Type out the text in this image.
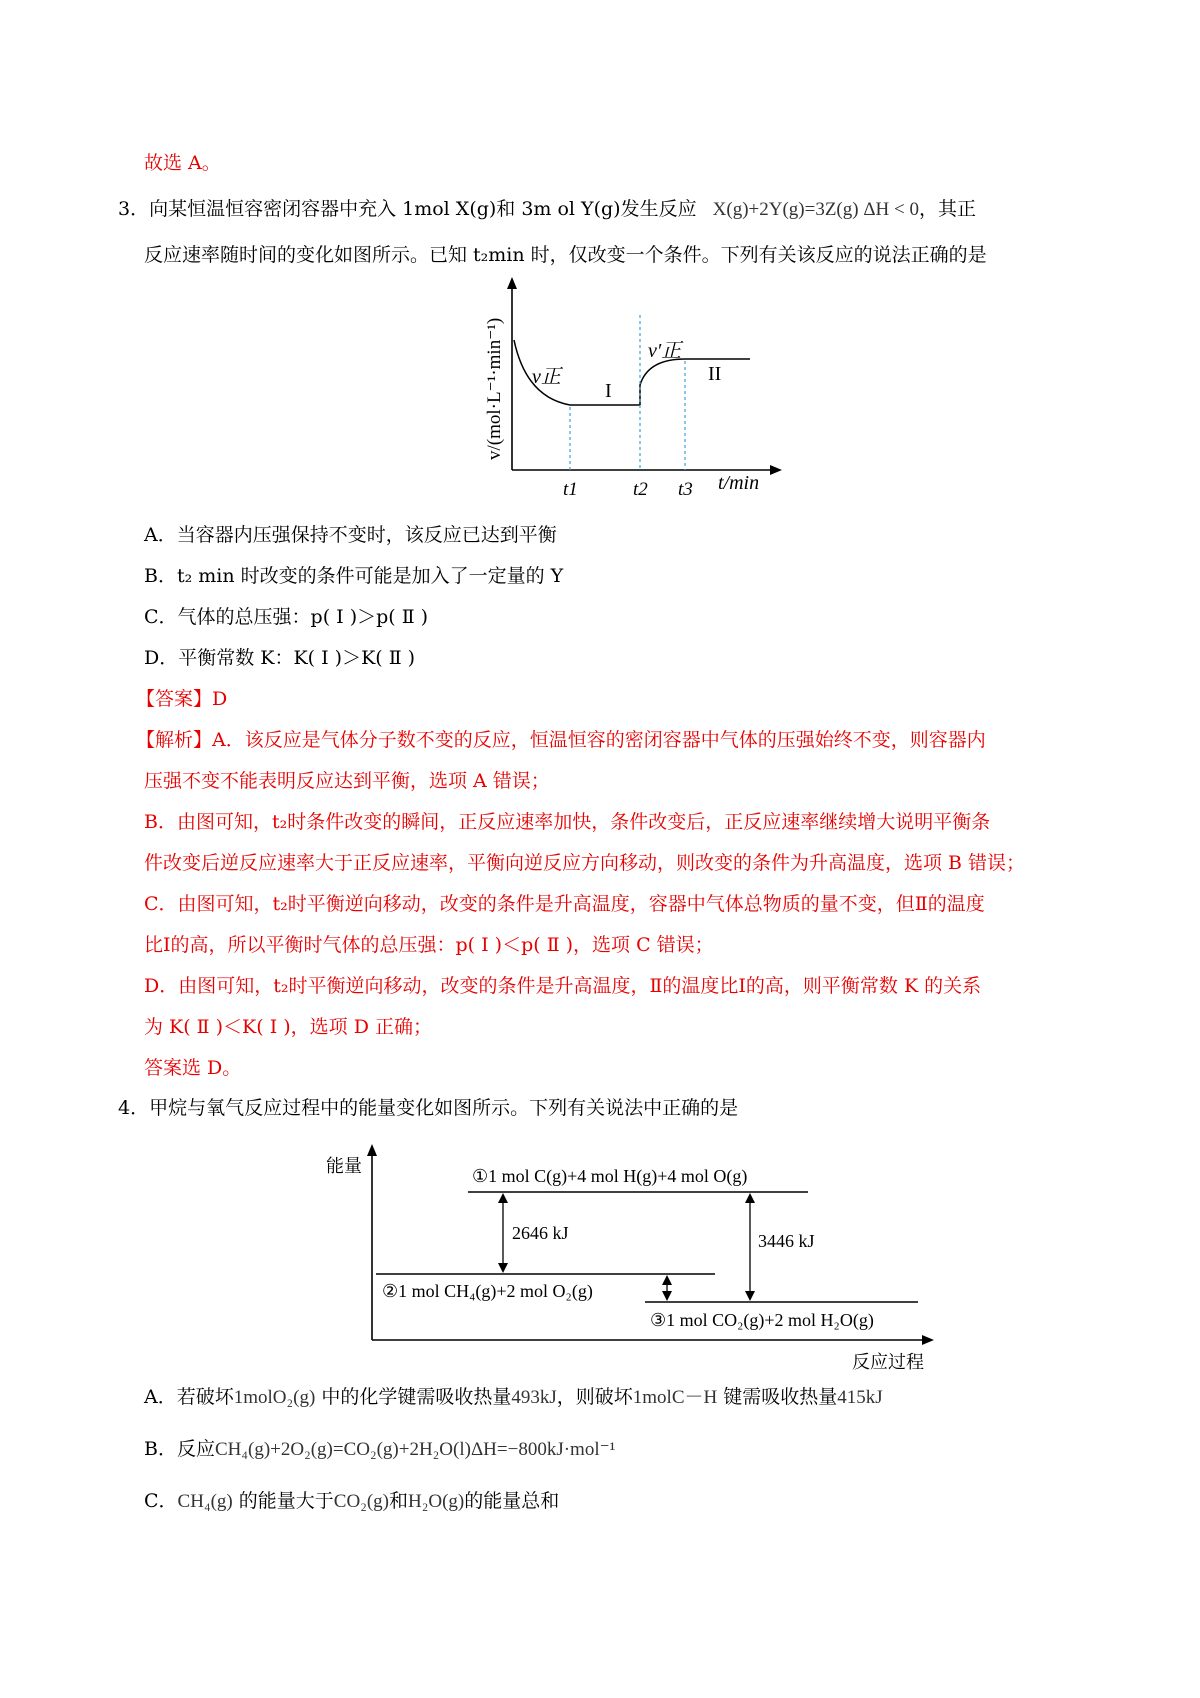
故选 A。
3．向某恒温恒容密闭容器中充入 1mol X(g)和 3m ol Y(g)发生反应 X(g)+2Y(g)=3Z(g) ΔH < 0，其正
反应速率随时间的变化如图所示。已知 t₂min 时，仅改变一个条件。下列有关该反应的说法正确的是
v正
v′正
I
II
t1	t2 t3 t/min
v/(mol·L⁻¹·min⁻¹)
A．当容器内压强保持不变时，该反应已达到平衡
B．t₂ min 时改变的条件可能是加入了一定量的 Y
C．气体的总压强：p( Ⅰ )＞p( Ⅱ )
D．平衡常数 K：K( Ⅰ )＞K( Ⅱ )
【答案】D
【解析】A．该反应是气体分子数不变的反应，恒温恒容的密闭容器中气体的压强始终不变，则容器内
压强不变不能表明反应达到平衡，选项 A 错误；
B．由图可知，t₂时条件改变的瞬间，正反应速率加快，条件改变后，正反应速率继续增大说明平衡条
件改变后逆反应速率大于正反应速率，平衡向逆反应方向移动，则改变的条件为升高温度，选项 B 错误；
C．由图可知，t₂时平衡逆向移动，改变的条件是升高温度，容器中气体总物质的量不变，但Ⅱ的温度
比Ⅰ的高，所以平衡时气体的总压强：p( Ⅰ )＜p( Ⅱ )，选项 C 错误；
D．由图可知，t₂时平衡逆向移动，改变的条件是升高温度，Ⅱ的温度比Ⅰ的高，则平衡常数 K 的关系
为 K( Ⅱ )＜K( Ⅰ )，选项 D 正确；
答案选 D。
4．甲烷与氧气反应过程中的能量变化如图所示。下列有关说法中正确的是
能量	①1 mol C(g)+4 mol H(g)+4 mol O(g)
②1 mol CH₄(g)+2 mol O₂(g)
③1 mol CO₂(g)+2 mol H₂O(g)
2646 kJ	3446 kJ
反应过程
A．若破坏1molO₂(g) 中的化学键需吸收热量493kJ，则破坏1molC－H 键需吸收热量415kJ
B．反应CH₄(g)+2O₂(g)=CO₂(g)+2H₂O(l)ΔH=−800kJ·mol⁻¹
C．CH₄(g) 的能量大于CO₂(g)和H₂O(g)的能量总和
